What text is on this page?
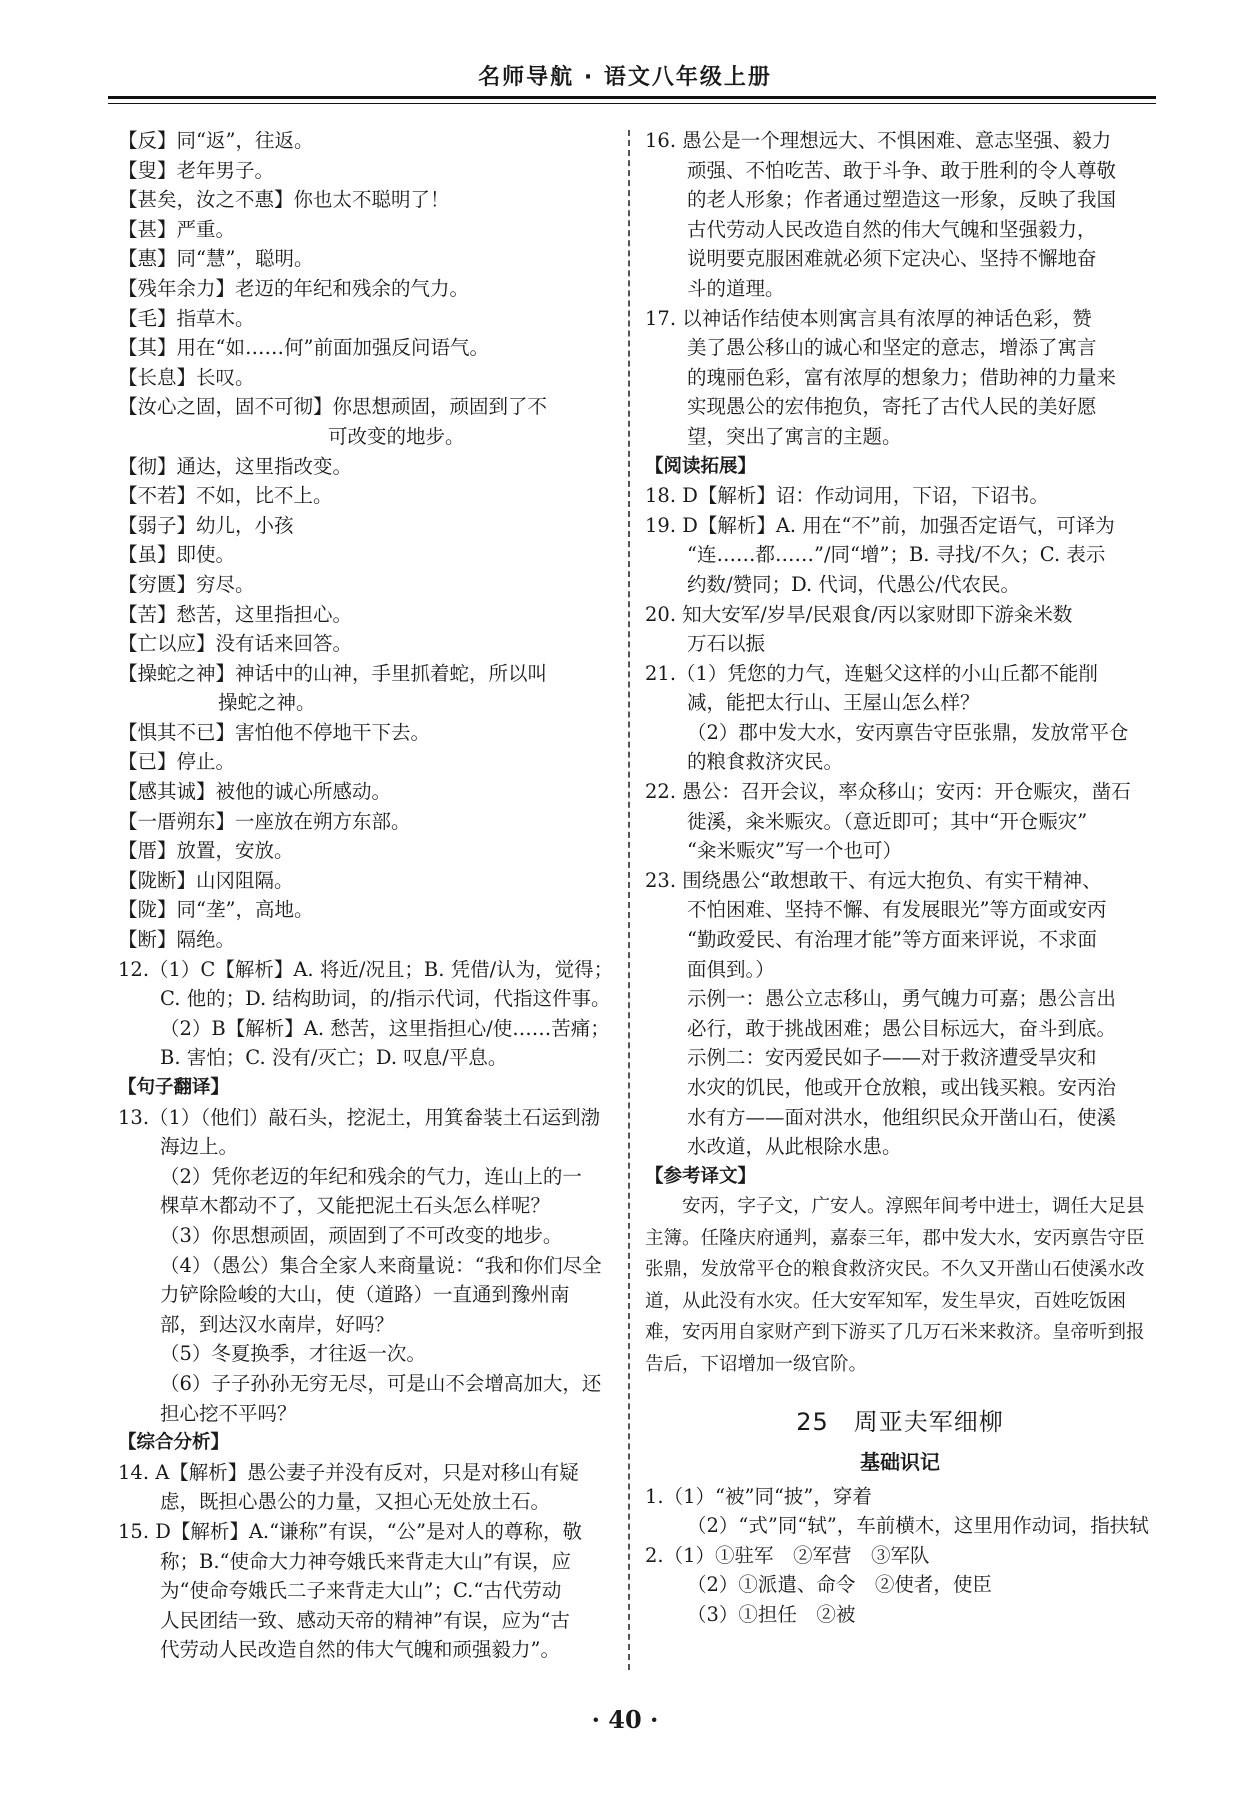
名师导航 · 语文八年级上册
【反】同“返”，往返。
【叟】老年男子。
【甚矣，汝之不惠】你也太不聪明了！
【甚】严重。
【惠】同“慧”，聪明。
【残年余力】老迈的年纪和残余的气力。
【毛】指草木。
【其】用在“如……何”前面加强反问语气。
【长息】长叹。
【汝心之固，固不可彻】你思想顽固，顽固到了不
可改变的地步。
【彻】通达，这里指改变。
【不若】不如，比不上。
【弱子】幼儿，小孩
【虽】即使。
【穷匮】穷尽。
【苦】愁苦，这里指担心。
【亡以应】没有话来回答。
【操蛇之神】神话中的山神，手里抓着蛇，所以叫
操蛇之神。
【惧其不已】害怕他不停地干下去。
【已】停止。
【感其诚】被他的诚心所感动。
【一厝朔东】一座放在朔方东部。
【厝】放置，安放。
【陇断】山冈阻隔。
【陇】同“垄”，高地。
【断】隔绝。
12.（1）C【解析】A. 将近/况且；B. 凭借/认为，觉得；
C. 他的；D. 结构助词，的/指示代词，代指这件事。
（2）B【解析】A. 愁苦，这里指担心/使……苦痛；
B. 害怕；C. 没有/灭亡；D. 叹息/平息。
【句子翻译】
13.（1）（他们）敲石头，挖泥土，用箕畚装土石运到渤
海边上。
（2）凭你老迈的年纪和残余的气力，连山上的一
棵草木都动不了，又能把泥土石头怎么样呢？
（3）你思想顽固，顽固到了不可改变的地步。
（4）（愚公）集合全家人来商量说：“我和你们尽全
力铲除险峻的大山，使（道路）一直通到豫州南
部，到达汉水南岸，好吗？
（5）冬夏换季，才往返一次。
（6）子子孙孙无穷无尽，可是山不会增高加大，还
担心挖不平吗？
【综合分析】
14. A【解析】愚公妻子并没有反对，只是对移山有疑
虑，既担心愚公的力量，又担心无处放土石。
15. D【解析】A.“谦称”有误，“公”是对人的尊称，敬
称；B.“使命大力神夸娥氏来背走大山”有误，应
为“使命夸娥氏二子来背走大山”；C.“古代劳动
人民团结一致、感动天帝的精神”有误，应为“古
代劳动人民改造自然的伟大气魄和顽强毅力”。
16. 愚公是一个理想远大、不惧困难、意志坚强、毅力
顽强、不怕吃苦、敢于斗争、敢于胜利的令人尊敬
的老人形象；作者通过塑造这一形象，反映了我国
古代劳动人民改造自然的伟大气魄和坚强毅力，
说明要克服困难就必须下定决心、坚持不懈地奋
斗的道理。
17. 以神话作结使本则寓言具有浓厚的神话色彩，赞
美了愚公移山的诚心和坚定的意志，增添了寓言
的瑰丽色彩，富有浓厚的想象力；借助神的力量来
实现愚公的宏伟抱负，寄托了古代人民的美好愿
望，突出了寓言的主题。
【阅读拓展】
18. D【解析】诏：作动词用，下诏，下诏书。
19. D【解析】A. 用在“不”前，加强否定语气，可译为
“连……都……”/同“增”；B. 寻找/不久；C. 表示
约数/赞同；D. 代词，代愚公/代农民。
20. 知大安军/岁旱/民艰食/丙以家财即下游籴米数
万石以振
21.（1）凭您的力气，连魁父这样的小山丘都不能削
减，能把太行山、王屋山怎么样？
（2）郡中发大水，安丙禀告守臣张鼎，发放常平仓
的粮食救济灾民。
22. 愚公：召开会议，率众移山；安丙：开仓赈灾，凿石
徙溪，籴米赈灾。（意近即可；其中“开仓赈灾”
“籴米赈灾”写一个也可）
23. 围绕愚公“敢想敢干、有远大抱负、有实干精神、
不怕困难、坚持不懈、有发展眼光”等方面或安丙
“勤政爱民、有治理才能”等方面来评说，不求面
面俱到。）
示例一：愚公立志移山，勇气魄力可嘉；愚公言出
必行，敢于挑战困难；愚公目标远大，奋斗到底。
示例二：安丙爱民如子——对于救济遭受旱灾和
水灾的饥民，他或开仓放粮，或出钱买粮。安丙治
水有方——面对洪水，他组织民众开凿山石，使溪
水改道，从此根除水患。
【参考译文】
安丙，字子文，广安人。淳熙年间考中进士，调任大足县主簿。任隆庆府通判，嘉泰三年，郡中发大水，安丙禀告守臣张鼎，发放常平仓的粮食救济灾民。不久又开凿山石使溪水改道，从此没有水灾。任大安军知军，发生旱灾，百姓吃饭困难，安丙用自家财产到下游买了几万石米来救济。皇帝听到报告后，下诏增加一级官阶。
25　周亚夫军细柳
基础识记
1.（1）“被”同“披”，穿着
（2）“式”同“轼”，车前横木，这里用作动词，指扶轼
2.（1）①驻军　②军营　③军队
（2）①派遣、命令　②使者，使臣
（3）①担任　②被
· 40 ·
